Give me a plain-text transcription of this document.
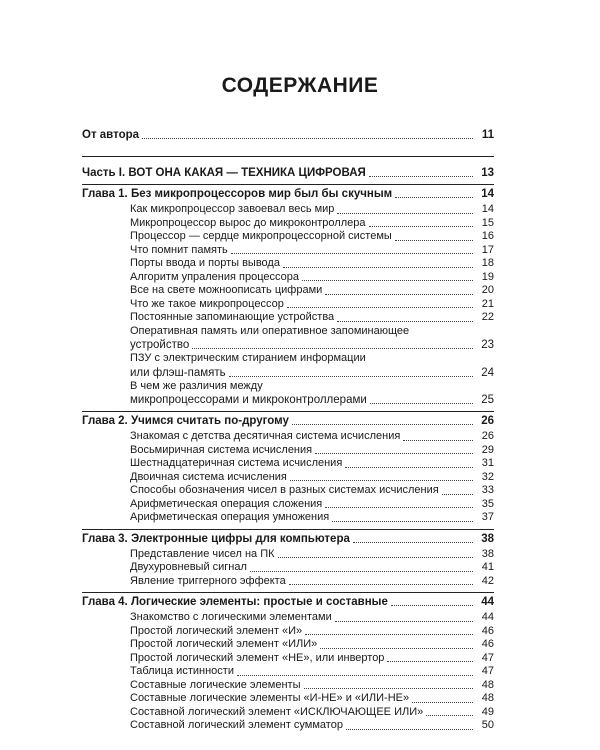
СОДЕРЖАНИЕ
От автора	11
Часть I. ВОТ ОНА КАКАЯ — ТЕХНИКА ЦИФРОВАЯ	13
Глава 1. Без микропроцессоров мир был бы скучным	14
Как микропроцессор завоевал весь мир	14
Микропроцессор вырос до микроконтроллера	15
Процессор — сердце микропроцессорной системы	16
Что помнит память	17
Порты ввода и порты вывода	18
Алгоритм упраления процессора	19
Все на свете можноописать цифрами	20
Что же такое микропроцессор	21
Постоянные запоминающие устройства	22
Оперативная память или оперативное запоминающее
устройство	23
ПЗУ с электрическим стиранием информации
или флэш-память	24
В чем же различия между
микропроцессорами и микроконтроллерами	25
Глава 2. Учимся считать по-другому	26
Знакомая с детства десятичная система исчисления	26
Восьмиричная система исчисления	29
Шестнадцатеричная система исчисления	31
Двоичная система исчисления	32
Способы обозначения чисел в разных системах исчисления	33
Арифметическая операция сложения	35
Арифметическая операция умножения	37
Глава 3. Электронные цифры для компьютера	38
Представление чисел на ПК	38
Двухуровневый сигнал	41
Явление триггерного эффекта	42
Глава 4. Логические элементы: простые и составные	44
Знакомство с логическими элементами	44
Простой логический элемент «И»	46
Простой логический элемент «ИЛИ»	46
Простой логический элемент «НЕ», или инвертор	47
Таблица истинности	47
Составные логические элементы	48
Составные логические элементы «И-НЕ» и «ИЛИ-НЕ»	48
Составной логический элемент «ИСКЛЮЧАЮЩЕЕ ИЛИ»	49
Составной логический элемент сумматор	50
